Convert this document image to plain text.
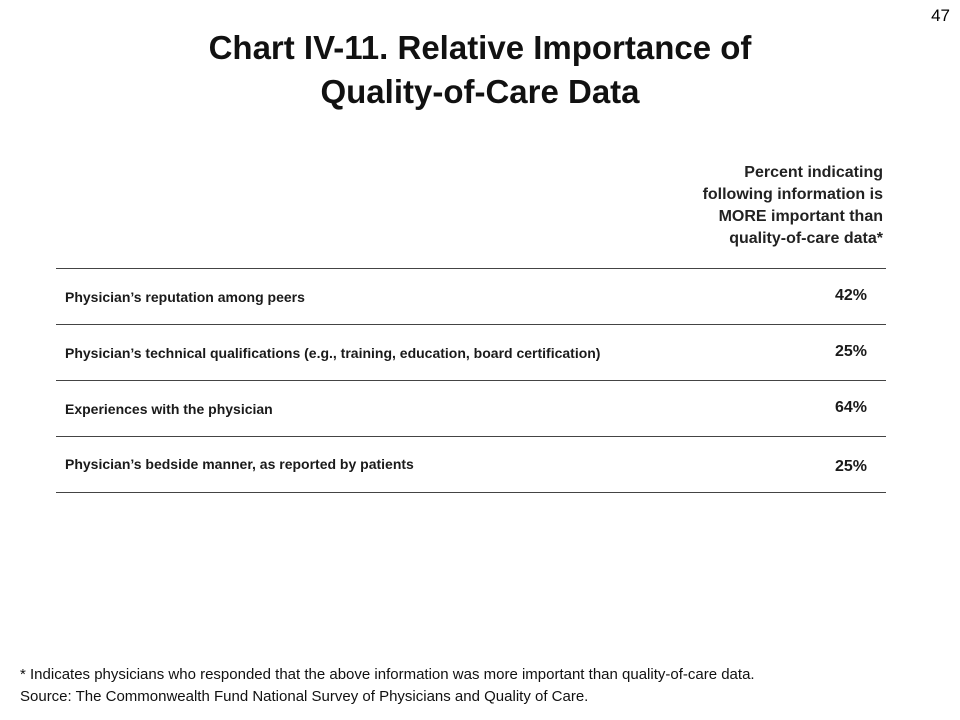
47
Chart IV-11. Relative Importance of
Quality-of-Care Data
Percent indicating
following information is
MORE important than
quality-of-care data*
Physician’s reputation among peers	42%
Physician’s technical qualifications (e.g., training, education, board certification)	25%
Experiences with the physician	64%
Physician’s bedside manner, as reported by patients	25%
* Indicates physicians who responded that the above information was more important than quality-of-care data.
Source: The Commonwealth Fund National Survey of Physicians and Quality of Care.
